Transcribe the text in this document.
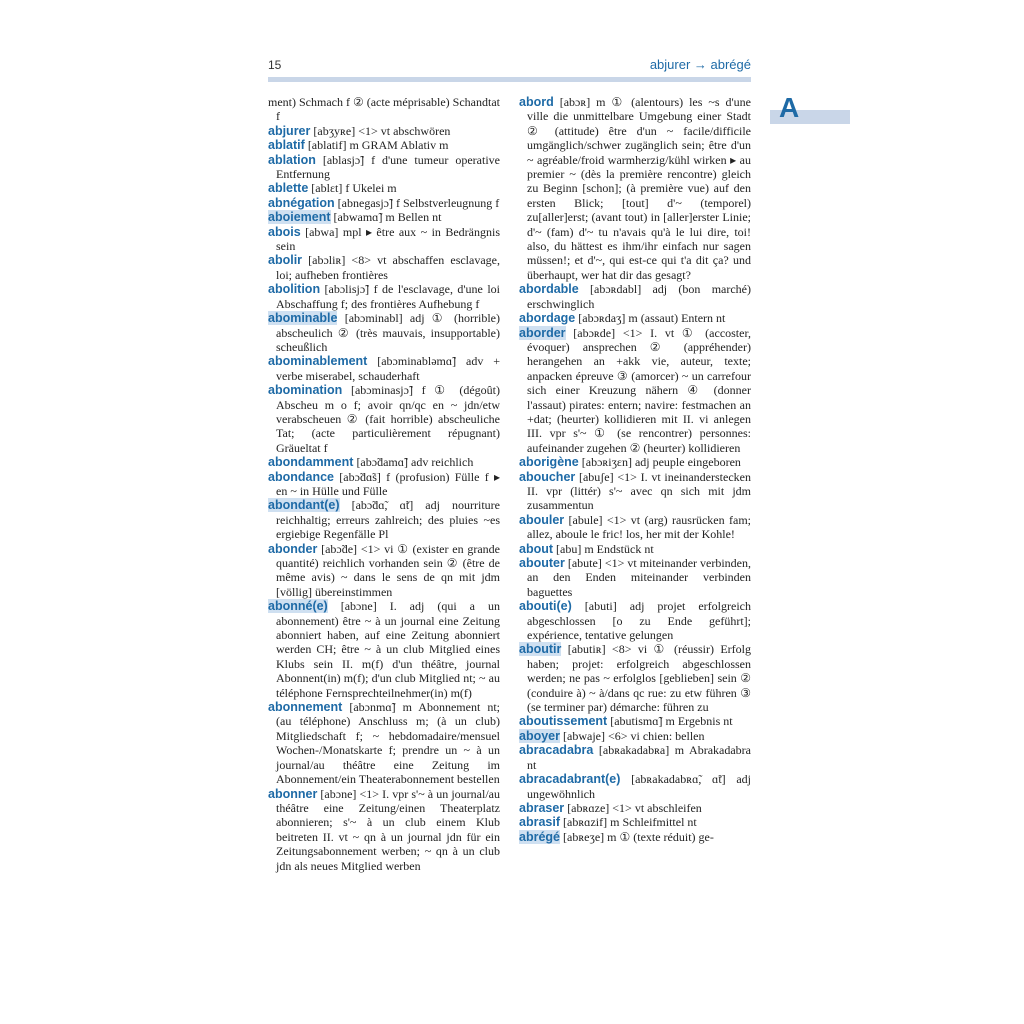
15	abjurer → abrégé
A

ment) Schmach f ② (acte méprisable) Schandtat f

abjurer [abʒyʀe] <1> vt abschwören

ablatif [ablatif] m GRAM Ablativ m

ablation [ablasjɔ̃] f d'une tumeur operative Entfernung

ablette [ablɛt] f Ukelei m

abnégation [abnegasjɔ̃] f Selbstverleugnung f

aboiement [abwamɑ̃] m Bellen nt

abois [abwa] mpl ▸ être aux ~ in Bedrängnis sein

abolir [abɔliʀ] <8> vt abschaffen esclavage, loi; aufheben frontières

abolition [abɔlisjɔ̃] f de l'esclavage, d'une loi Abschaffung f; des frontières Aufhebung f

abominable [abɔminabl] adj ① (horrible) abscheulich ② (très mauvais, insupportable) scheußlich

abominablement [abɔminabləmɑ̃] adv + verbe miserabel, schauderhaft

abomination [abɔminasjɔ̃] f ① (dégoût) Abscheu m o f; avoir qn/qc en ~ jdn/etw verabscheuen ② (fait horrible) abscheuliche Tat; (acte particulièrement répugnant) Gräueltat f

abondamment [abɔ̃damɑ̃] adv reichlich

abondance [abɔ̃dɑ̃s] f (profusion) Fülle f ▸ en ~ in Hülle und Fülle

abondant(e) [abɔ̃dɑ̃, ɑ̃t] adj nourriture reichhaltig; erreurs zahlreich; des pluies ~es ergiebige Regenfälle Pl

abonder [abɔ̃de] <1> vi ① (exister en grande quantité) reichlich vorhanden sein ② (être de même avis) ~ dans le sens de qn mit jdm [völlig] übereinstimmen

abonné(e) [abɔne] I. adj (qui a un abonnement) être ~ à un journal eine Zeitung abonniert haben, auf eine Zeitung abonniert werden CH; être ~ à un club Mitglied eines Klubs sein II. m(f) d'un théâtre, journal Abonnent(in) m(f); d'un club Mitglied nt; ~ au téléphone Fernsprechteilnehmer(in) m(f)

abonnement [abɔnmɑ̃] m Abonnement nt; (au téléphone) Anschluss m; (à un club) Mitgliedschaft f; ~ hebdomadaire/mensuel Wochen-/Monatskarte f; prendre un ~ à un journal/au théâtre eine Zeitung im Abonnement/ein Theaterabonnement bestellen

abonner [abɔne] <1> I. vpr s'~ à un journal/au théâtre eine Zeitung/einen Theaterplatz abonnieren; s'~ à un club einem Klub beitreten II. vt ~ qn à un journal jdn für ein Zeitungsabonnement werben; ~ qn à un club jdn als neues Mitglied werben

abord [abɔʀ] m ① (alentours) les ~s d'une ville die unmittelbare Umgebung einer Stadt ② (attitude) être d'un ~ facile/difficile umgänglich/schwer zugänglich sein; être d'un ~ agréable/froid warmherzig/kühl wirken ▸ au premier ~ (dès la première rencontre) gleich zu Beginn [schon]; (à première vue) auf den ersten Blick; [tout] d'~ (temporel) zu[aller]erst; (avant tout) in [aller]erster Linie; d'~ (fam) d'~ tu n'avais qu'à le lui dire, toi! also, du hättest es ihm/ihr einfach nur sagen müssen!; et d'~, qui est-ce qui t'a dit ça? und überhaupt, wer hat dir das gesagt?

abordable [abɔʀdabl] adj (bon marché) erschwinglich

abordage [abɔʀdaʒ] m (assaut) Entern nt

aborder [abɔʀde] <1> I. vt ① (accoster, évoquer) ansprechen ② (appréhender) herangehen an +akk vie, auteur, texte; anpacken épreuve ③ (amorcer) ~ un carrefour sich einer Kreuzung nähern ④ (donner l'assaut) pirates: entern; navire: festmachen an +dat; (heurter) kollidieren mit II. vi anlegen III. vpr s'~ ① (se rencontrer) personnes: aufeinander zugehen ② (heurter) kollidieren

aborigène [abɔʀiʒɛn] adj peuple eingeboren

aboucher [abuʃe] <1> I. vt ineinanderstecken II. vpr (littér) s'~ avec qn sich mit jdm zusammentun

abouler [abule] <1> vt (arg) rausrücken fam; allez, aboule le fric! los, her mit der Kohle!

about [abu] m Endstück nt

abouter [abute] <1> vt miteinander verbinden, an den Enden miteinander verbinden baguettes

abouti(e) [abuti] adj projet erfolgreich abgeschlossen [o zu Ende geführt]; expérience, tentative gelungen

aboutir [abutiʀ] <8> vi ① (réussir) Erfolg haben; projet: erfolgreich abgeschlossen werden; ne pas ~ erfolglos [geblieben] sein ② (conduire à) ~ à/dans qc rue: zu etw führen ③ (se terminer par) démarche: führen zu

aboutissement [abutismɑ̃] m Ergebnis nt

aboyer [abwaje] <6> vi chien: bellen

abracadabra [abʀakadabʀa] m Abrakadabra nt

abracadabrant(e) [abʀakadabʀɑ̃, ɑ̃t] adj ungewöhnlich

abraser [abʀɑze] <1> vt abschleifen

abrasif [abʀɑzif] m Schleifmittel nt

abrégé [abʀeʒe] m ① (texte réduit) ge-
